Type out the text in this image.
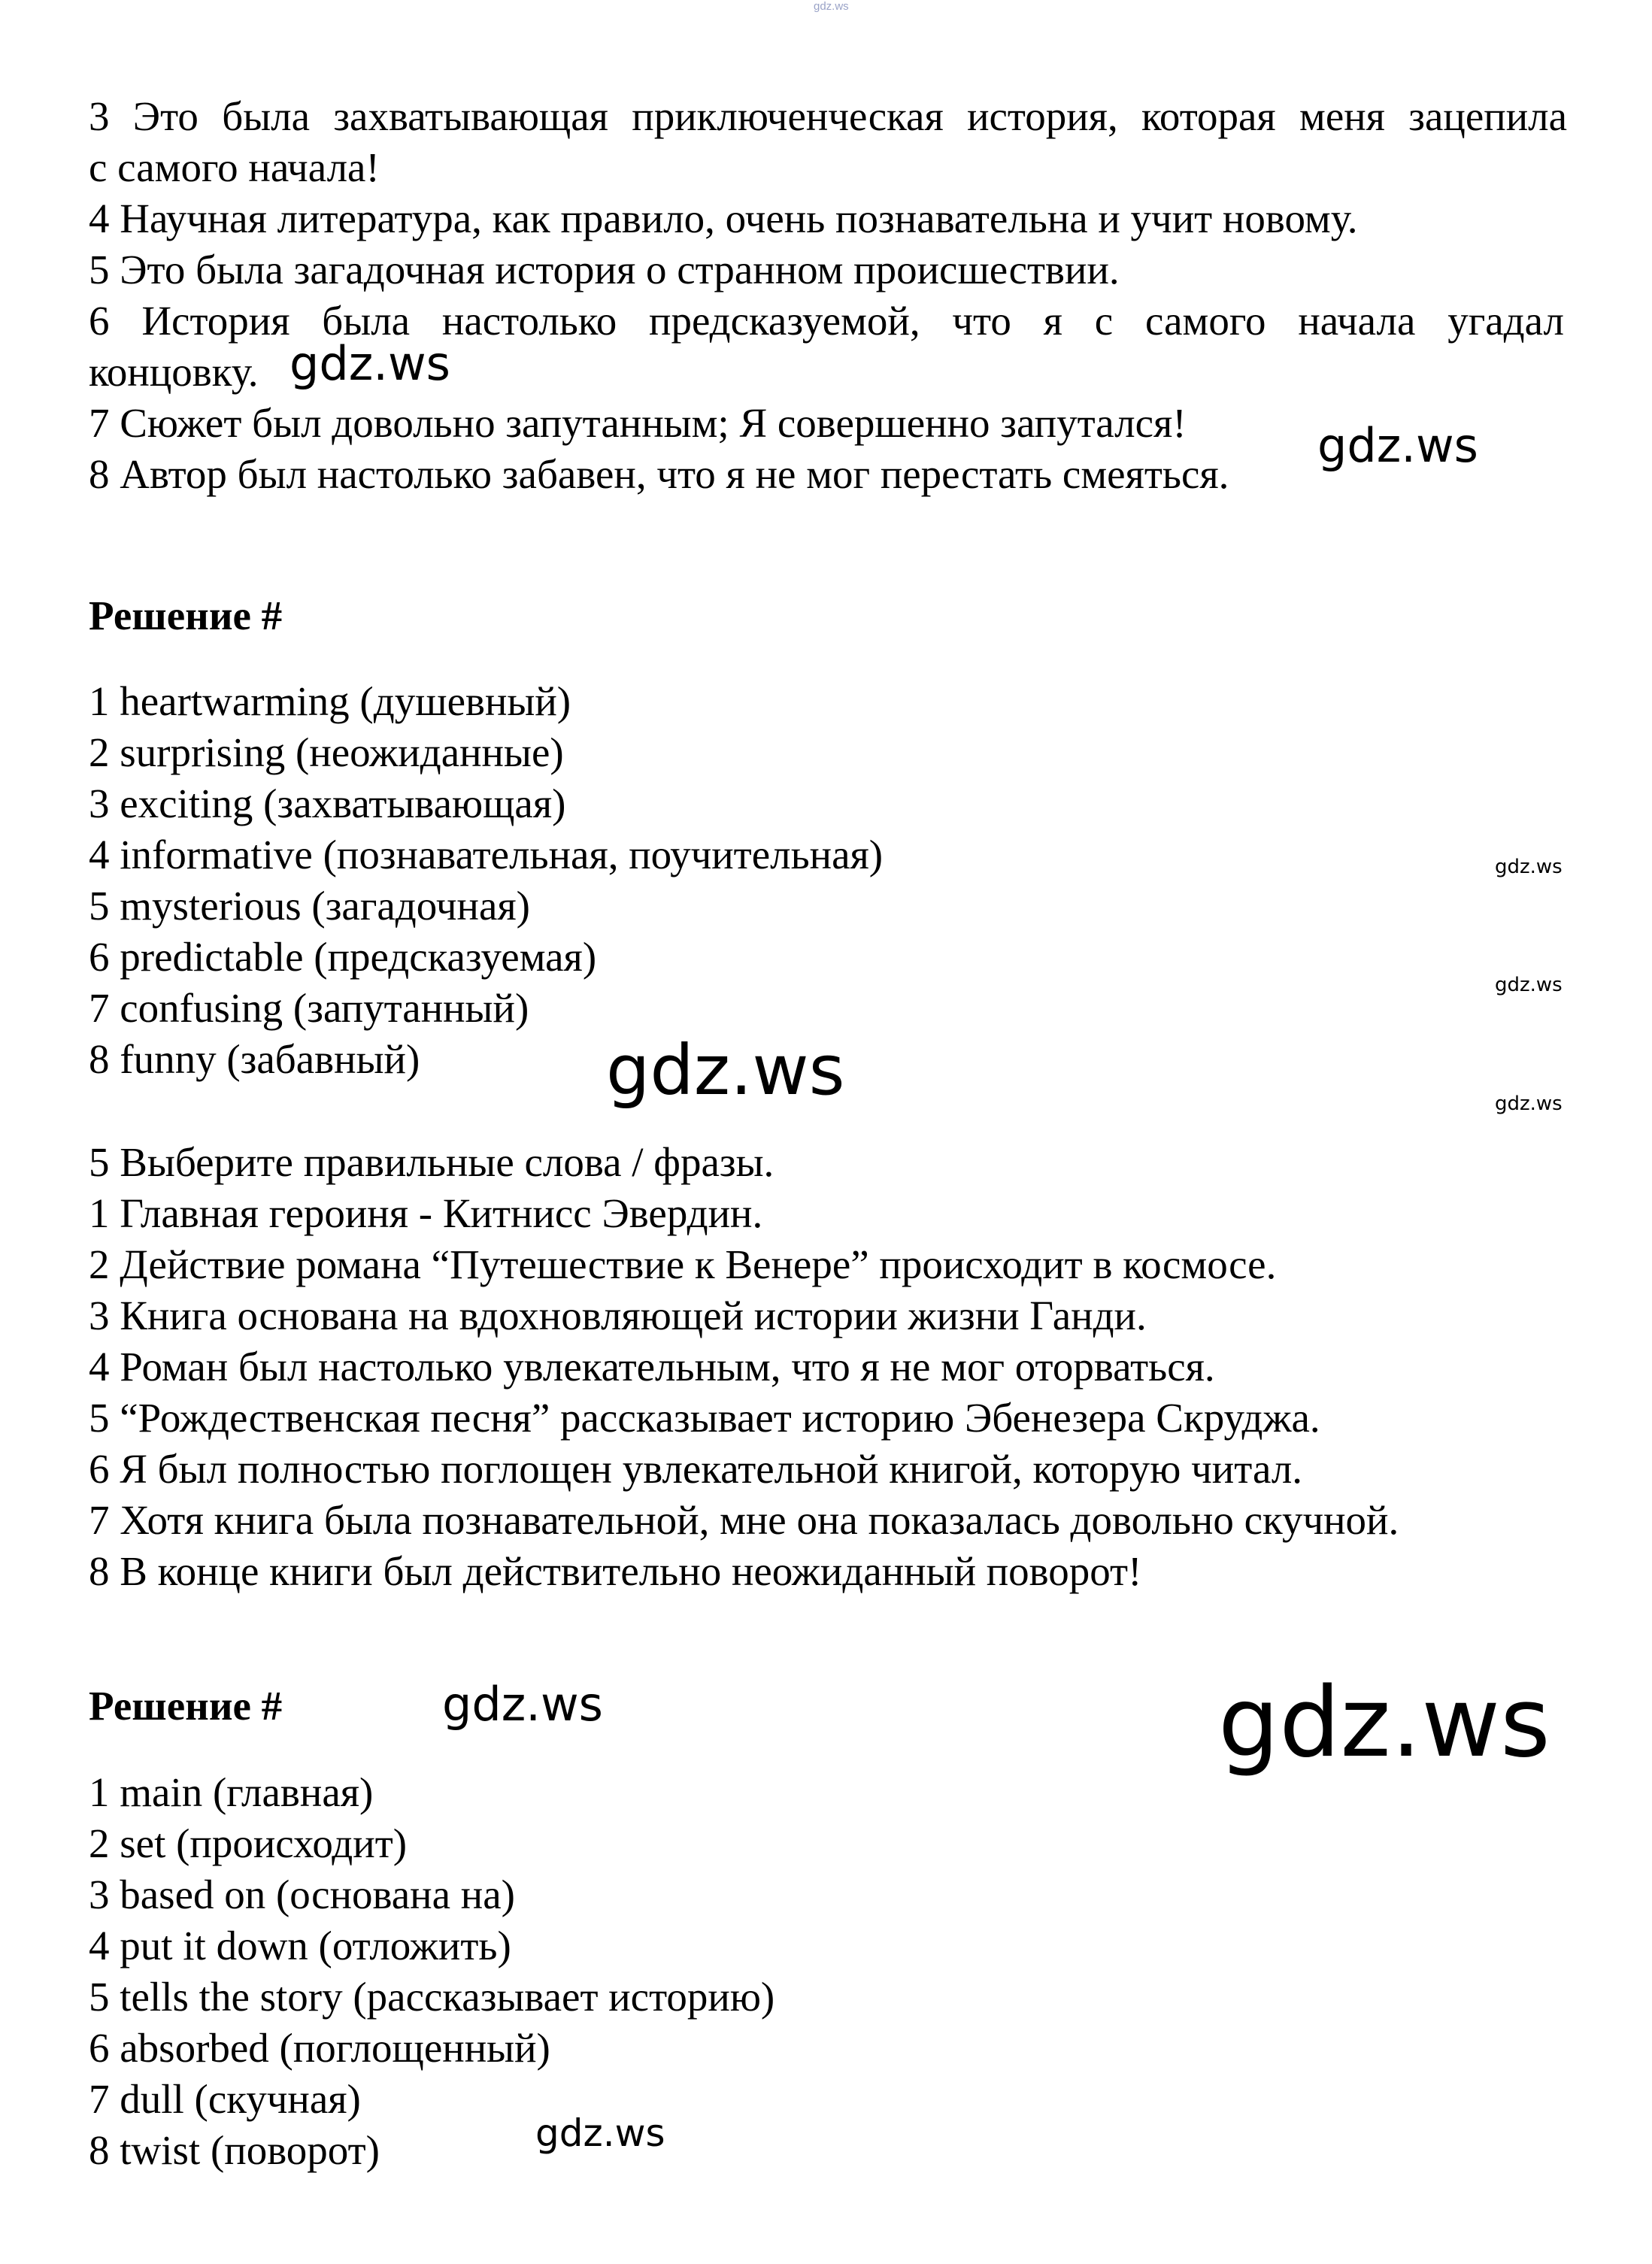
gdz.ws
3 Это была захватывающая приключенческая история, которая меня зацепила
с самого начала!
4 Научная литература, как правило, очень познавательна и учит новому.
5 Это была загадочная история о странном происшествии.
6 История была настолько предсказуемой, что я с самого начала угадал
концовку.
7 Сюжет был довольно запутанным; Я совершенно запутался!
8 Автор был настолько забавен, что я не мог перестать смеяться.
Решение #
1 heartwarming (душевный)
2 surprising (неожиданные)
3 exciting (захватывающая)
4 informative (познавательная, поучительная)
5 mysterious (загадочная)
6 predictable (предсказуемая)
7 confusing (запутанный)
8 funny (забавный)
5 Выберите правильные слова / фразы.
1 Главная героиня - Китнисс Эвердин.
2 Действие романа “Путешествие к Венере” происходит в космосе.
3 Книга основана на вдохновляющей истории жизни Ганди.
4 Роман был настолько увлекательным, что я не мог оторваться.
5 “Рождественская песня” рассказывает историю Эбенезера Скруджа.
6 Я был полностью поглощен увлекательной книгой, которую читал.
7 Хотя книга была познавательной, мне она показалась довольно скучной.
8 В конце книги был действительно неожиданный поворот!
Решение #
1 main (главная)
2 set (происходит)
3 based on (основана на)
4 put it down (отложить)
5 tells the story (рассказывает историю)
6 absorbed (поглощенный)
7 dull (скучная)
8 twist (поворот)
gdz.ws
gdz.ws
gdz.ws
gdz.ws
gdz.ws	gdz.ws
gdz.ws	gdz.ws
gdz.ws
